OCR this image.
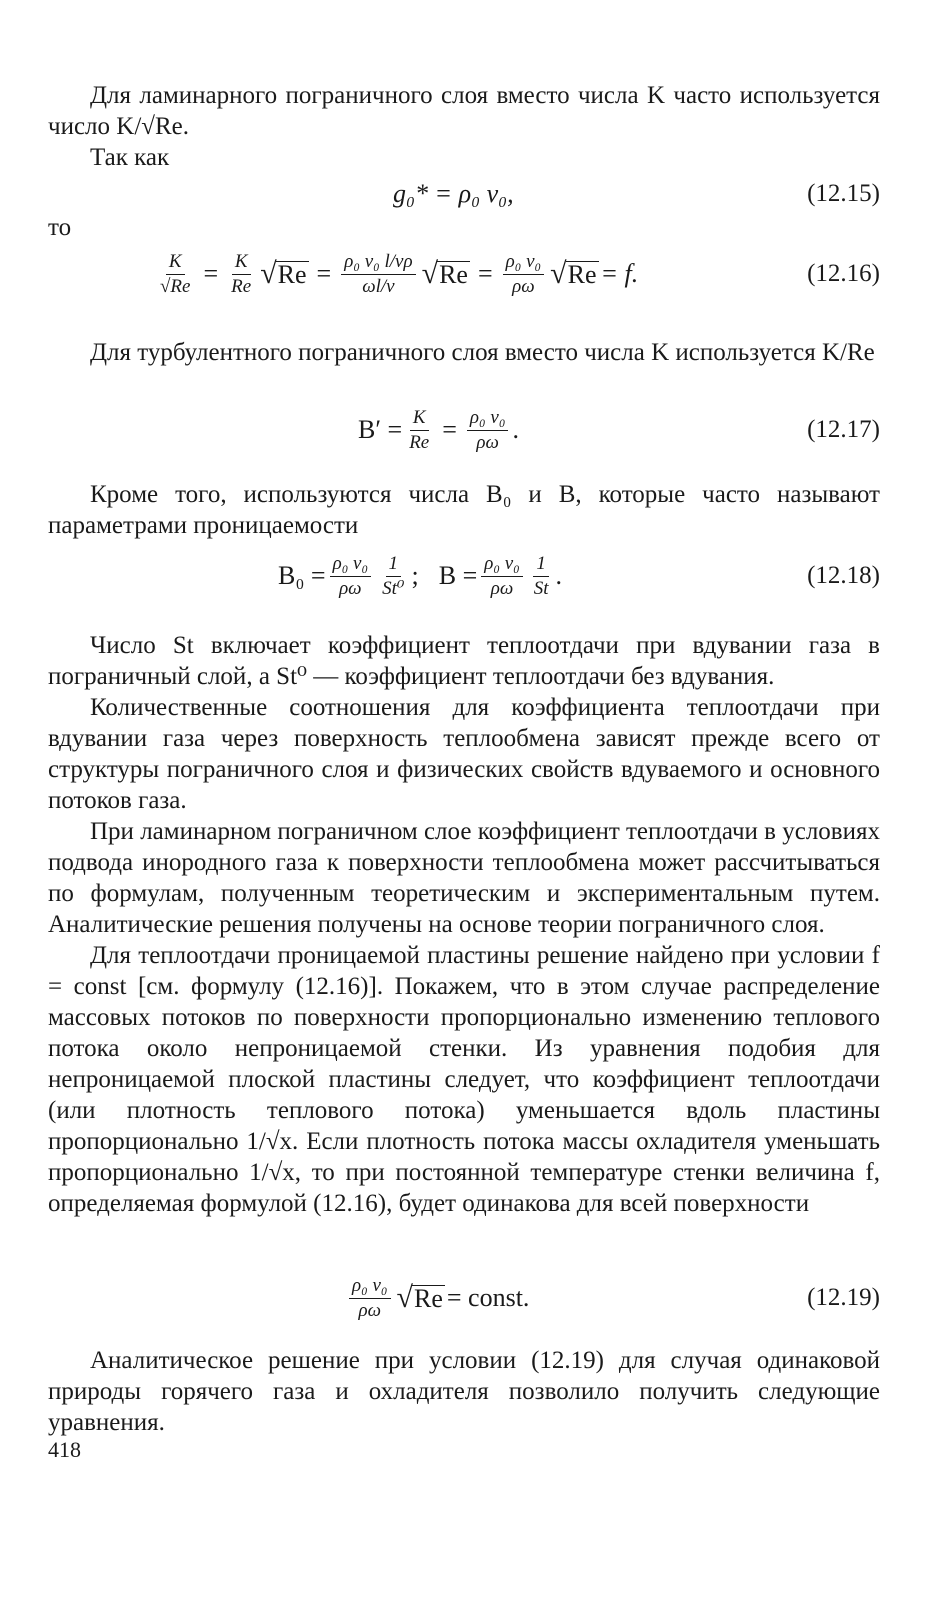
Для ламинарного пограничного слоя вместо числа K часто используется число K/√Re.

Так как

g₀* = ρ₀ v₀,	(12.15)
то
$\frac{K}{√Re} = \frac{K}{Re}$ √ $Re = \frac{\text{ρ₀ v₀ l/vρ}}{\omega l/\nu}$ √ $Re = \frac{\text{ρ₀ v₀}}{\rho\omega}$ √ Re = f.	(12.16)

Для турбулентного пограничного слоя вместо числа K используется K/Re

$B' = \frac{K}{Re} = \frac{\text{ρ₀ v₀}}{\rho\omega}$ .	(12.17)

Кроме того, используются числа B₀ и B, которые часто называют параметрами проницаемости

$B_0 = \frac{\text{ρ₀ v₀}}{\rho\omega} \frac{1}{\text{St⁰}}$ ; $B = \frac{\text{ρ₀ v₀}}{\rho\omega} \frac{1}{St}$ .	(12.18)

Число St включает коэффициент теплоотдачи при вдувании газа в пограничный слой, а St⁰ — коэффициент теплоотдачи без вдувания.

Количественные соотношения для коэффициента теплоотдачи при вдувании газа через поверхность теплообмена зависят прежде всего от структуры пограничного слоя и физических свойств вдуваемого и основного потоков газа.

При ламинарном пограничном слое коэффициент теплоотдачи в условиях подвода инородного газа к поверхности теплообмена может рассчитываться по формулам, полученным теоретическим и экспериментальным путем. Аналитические решения получены на основе теории пограничного слоя.

Для теплоотдачи проницаемой пластины решение найдено при условии f = const [см. формулу (12.16)]. Покажем, что в этом случае распределение массовых потоков по поверхности пропорционально изменению теплового потока около непроницаемой стенки. Из уравнения подобия для непроницаемой плоской пластины следует, что коэффициент теплоотдачи (или плотность теплового потока) уменьшается вдоль пластины пропорционально 1/√x. Если плотность потока массы охладителя уменьшать пропорционально 1/√x, то при постоянной температуре стенки величина f, определяемая формулой (12.16), будет одинакова для всей поверхности

$\frac{\text{ρ₀ v₀}}{\rho\omega}$ √ Re = const.	(12.19)

Аналитическое решение при условии (12.19) для случая одинаковой природы горячего газа и охладителя позволило получить следующие уравнения.

418
